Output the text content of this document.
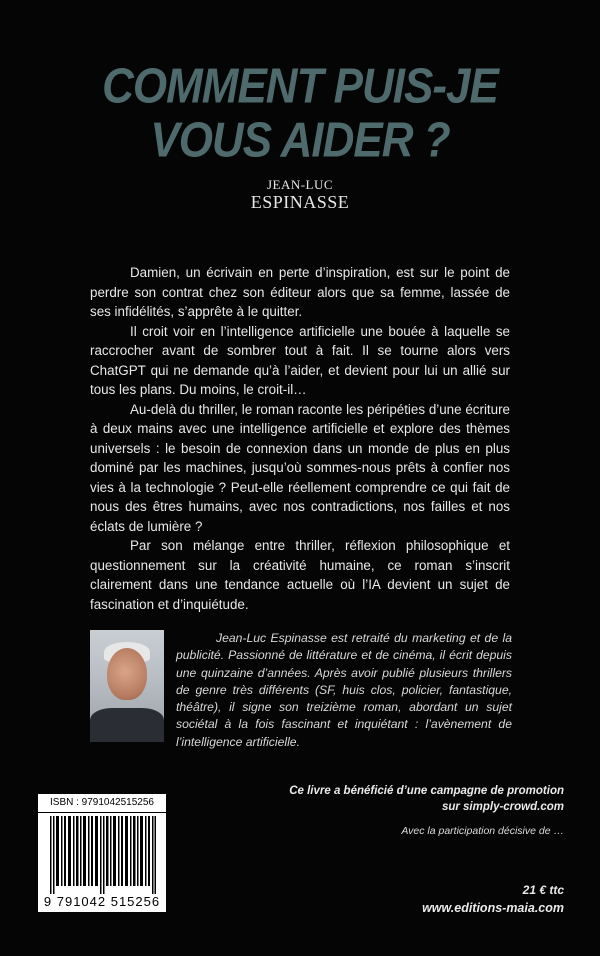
COMMENT PUIS-JE
VOUS AIDER ?
JEAN-LUC
ESPINASSE

Damien, un écrivain en perte d’inspiration, est sur le point de perdre son contrat chez son éditeur alors que sa femme, lassée de ses infidélités, s’apprête à le quitter.

Il croit voir en l’intelligence artificielle une bouée à laquelle se raccrocher avant de sombrer tout à fait. Il se tourne alors vers ChatGPT qui ne demande qu’à l’aider, et devient pour lui un allié sur tous les plans. Du moins, le croit-il…

Au-delà du thriller, le roman raconte les péripéties d’une écriture à deux mains avec une intelligence artificielle et explore des thèmes universels : le besoin de connexion dans un monde de plus en plus dominé par les machines, jusqu’où sommes-nous prêts à confier nos vies à la technologie ? Peut-elle réellement comprendre ce qui fait de nous des êtres humains, avec nos contradictions, nos failles et nos éclats de lumière ?

Par son mélange entre thriller, réflexion philosophique et questionnement sur la créativité humaine, ce roman s’inscrit clairement dans une tendance actuelle où l’IA devient un sujet de fascination et d’inquiétude.

Jean-Luc Espinasse est retraité du marketing et de la publicité. Passionné de littérature et de cinéma, il écrit depuis une quinzaine d’années. Après avoir publié plusieurs thrillers de genre très différents (SF, huis clos, policier, fantastique, théâtre), il signe son treizième roman, abordant un sujet sociétal à la fois fascinant et inquiétant : l’avènement de l’intelligence artificielle.

ISBN : 9791042515256
9 791042 515256
Ce livre a bénéficié d’une campagne de promotion
sur simply-crowd.com
Avec la participation décisive de …
21 € ttc
www.editions-maia.com
